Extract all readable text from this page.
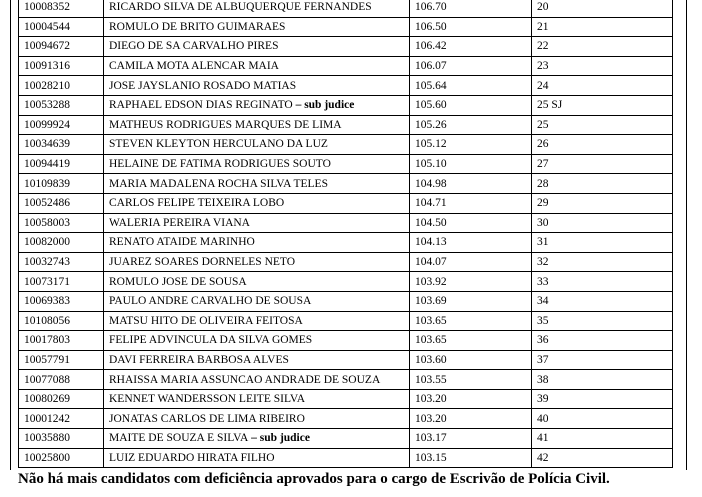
10008352	RICARDO SILVA DE ALBUQUERQUE FERNANDES	106.70	20
10004544	ROMULO DE BRITO GUIMARAES	106.50	21
10094672	DIEGO DE SA CARVALHO PIRES	106.42	22
10091316	CAMILA MOTA ALENCAR MAIA	106.07	23
10028210	JOSE JAYSLANIO ROSADO MATIAS	105.64	24
10053288	RAPHAEL EDSON DIAS REGINATO – sub judice	105.60	25 SJ
10099924	MATHEUS RODRIGUES MARQUES DE LIMA	105.26	25
10034639	STEVEN KLEYTON HERCULANO DA LUZ	105.12	26
10094419	HELAINE DE FATIMA RODRIGUES SOUTO	105.10	27
10109839	MARIA MADALENA ROCHA SILVA TELES	104.98	28
10052486	CARLOS FELIPE TEIXEIRA LOBO	104.71	29
10058003	WALERIA PEREIRA VIANA	104.50	30
10082000	RENATO ATAIDE MARINHO	104.13	31
10032743	JUAREZ SOARES DORNELES NETO	104.07	32
10073171	ROMULO JOSE DE SOUSA	103.92	33
10069383	PAULO ANDRE CARVALHO DE SOUSA	103.69	34
10108056	MATSU HITO DE OLIVEIRA FEITOSA	103.65	35
10017803	FELIPE ADVINCULA DA SILVA GOMES	103.65	36
10057791	DAVI FERREIRA BARBOSA ALVES	103.60	37
10077088	RHAISSA MARIA ASSUNCAO ANDRADE DE SOUZA	103.55	38
10080269	KENNET WANDERSSON LEITE SILVA	103.20	39
10001242	JONATAS CARLOS DE LIMA RIBEIRO	103.20	40
10035880	MAITE DE SOUZA E SILVA – sub judice	103.17	41
10025800	LUIZ EDUARDO HIRATA FILHO	103.15	42
Não há mais candidatos com deficiência aprovados para o cargo de Escrivão de Polícia Civil.
